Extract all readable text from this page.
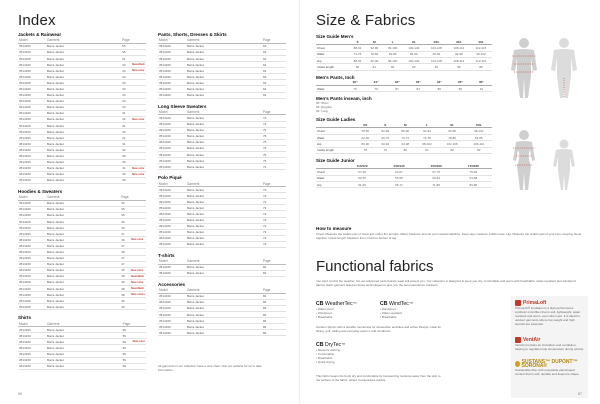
Index
Jackets & Rainwear
Model	Garment	Page	
3514160	Barra Jacket	55	
3514160	Barra Jacket	55	
3514160	Barra Jacket	51	
3514160	Barra Jacket	33	Newsflash
3514160	Barra Jacket	34	New color
3514160	Barra Jacket	33	
3514160	Barra Jacket	33	
3514160	Barra Jacket	33	
3514160	Barra Jacket	34	
3514160	Barra Jacket	33	
3514160	Barra Jacket	33	
3514160	Barra Jacket	31	
3514160	Barra Jacket	32	New color
3514160	Barra Jacket	31	
3514160	Barra Jacket	32	
3514160	Barra Jacket	31	
3514160	Barra Jacket	31	
3514160	Barra Jacket	32	
3514160	Barra Jacket	30	
3514160	Barra Jacket	30	
3514160	Barra Jacket	31	New color
3514160	Barra Jacket	30	New color
3514160	Barra Jacket	30	
Hoodies & Sweaters
Model	Garment	Page	
3514160	Barra Jacket	45	
3514160	Barra Jacket	45	
3514160	Barra Jacket	46	
3514160	Barra Jacket	46	
3514160	Barra Jacket	45	
3514160	Barra Jacket	47	
3514160	Barra Jacket	46	New color
3514160	Barra Jacket	47	
3514160	Barra Jacket	48	
3514160	Barra Jacket	47	
3514160	Barra Jacket	47	
3514160	Barra Jacket	46	New color
3514160	Barra Jacket	48	Newsflash
3514160	Barra Jacket	49	New color
3514160	Barra Jacket	48	Newsflash
3514160	Barra Jacket	48	New colors
3514160	Barra Jacket	49	
3514160	Barra Jacket	49	
Shirts
Model	Garment	Page	
3514160	Barra Jacket	59	
3514160	Barra Jacket	59	
3514160	Barra Jacket	59	New color
3514160	Barra Jacket	59	
3514160	Barra Jacket	59	
3514160	Barra Jacket	59	
3514160	Barra Jacket	59	
Pants, Shorts, Dresses & Skirts
Model	Garment	Page	
3514160	Barra Jacket	62	
3514160	Barra Jacket	62	
3514160	Barra Jacket	62	
3514160	Barra Jacket	62	
3514160	Barra Jacket	63	
3514160	Barra Jacket	63	
3514160	Barra Jacket	63	
3514160	Barra Jacket	64	
3514160	Barra Jacket	64	
Long Sleeve Sweaters
Model	Garment	Page	
3514160	Barra Jacket	74	
3514160	Barra Jacket	74	
3514160	Barra Jacket	75	
3514160	Barra Jacket	76	
3514160	Barra Jacket	75	
3514160	Barra Jacket	76	
3514160	Barra Jacket	76	
3514160	Barra Jacket	76	
3514160	Barra Jacket	74	
Polo Piqué
Model	Garment	Page	
3514160	Barra Jacket	72	
3514160	Barra Jacket	72	
3514160	Barra Jacket	72	
3514160	Barra Jacket	72	
3514160	Barra Jacket	72	
3514160	Barra Jacket	72	
3514160	Barra Jacket	72	
3514160	Barra Jacket	72	
3514160	Barra Jacket	72	
3514160	Barra Jacket	72	
T-shirts
Model	Garment	Page	
3514160	Barra Jacket	82	
3514160	Barra Jacket	82	
Accessories
Model	Garment	Page	
3514160	Barra Jacket	84	
3514160	Barra Jacket	84	
3514160	Barra Jacket	84	
3514160	Barra Jacket	84	
3514160	Barra Jacket	84	
3514160	Barra Jacket	84	
3514160	Barra Jacket	84	
All garments in our collection have a size chart. Visit our website for up to date information.
86
Size & Fabrics
Size Guide Men's
	S	M	L	XL	XXL	3XL	4XL
Chest	88-92	92-96	96-100	100-104	104-108	108-112	112-116
Waist	74-78	78-82	82-86	86-90	90-94	94-98	98-102
Hip	88-92	92-96	96-100	100-104	104-108	108-112	112-116
Inside length	80	81	82	83	84	85	86
Men's Pants, Inch
	30"	31"	32"	33"	34"	35"	36"
Waist	76	79	81	84	86	89	91
Men's Pants inseam, inch
30" Short
32" Regular
34" Long
Size Guide Ladies
	XS	S	M	L	XL	XXL
Chest	78-82	82-86	86-90	90-94	94-98	98-102
Waist	62-66	66-70	70-74	74-78	78-82	82-86
Hip	86-90	90-94	94-98	98-102	102-106	106-110
Inside length	78	79	80	81	82	83
Size Guide Junior
	110/120	130/140	150/160	170/180
Chest	57-62	62-67	67-75	75-82
Waist	52-55	55-59	59-63	63-68
Hip	61-66	66-71	71-80	80-86
How to measure
Chest: Measure the widest part of chest just under the armpits. Waist: Measure around your natural waistline. Keep tape measure a little loose. Hip: Measure the widest part of your hips, keeping heels together. Inside length: Measure from crotch to bottom of leg.
Functional fabrics
You can't control the weather, but our advanced performance wear will protect you. Our collection is designed to keep you dry, comfortable and warm with breathable, water-repellent and windproof fabrics. Each garment features these technologies to give you the best experience outdoors.
CB WeatherTec™
• Water proof
• Windproof
• Breathable
CB WindTec™
• Windproof
• Water repellent
• Breathable
Outdoor fabrics with a durable membrane for all-weather activities and active lifestyle. Ideal for hiking, golf, sailing and everyday wear in cold conditions.
CB DryTec™
• Moisture wicking
• Comfortable
• Breathable
• Quick drying
This fabric keeps the body dry and comfortable by transporting moisture away from the skin to the surface of the fabric, where it evaporates quickly.
PrimaLoft
PrimaLoft® insulation is a high-performance synthetic microfiber that is soft, lightweight, water resistant and warm, even when wet. It is ideal for outdoor garments where low weight and high warmth are essential.
VentAir
VentAir provides air circulation and ventilation, helping to regulate body temperature during activity.
SUSTANS™ DUPONT™ SORONA®
Sustainable fiber with renewable plant-based content that is soft, durable and keeps its shape.
87
